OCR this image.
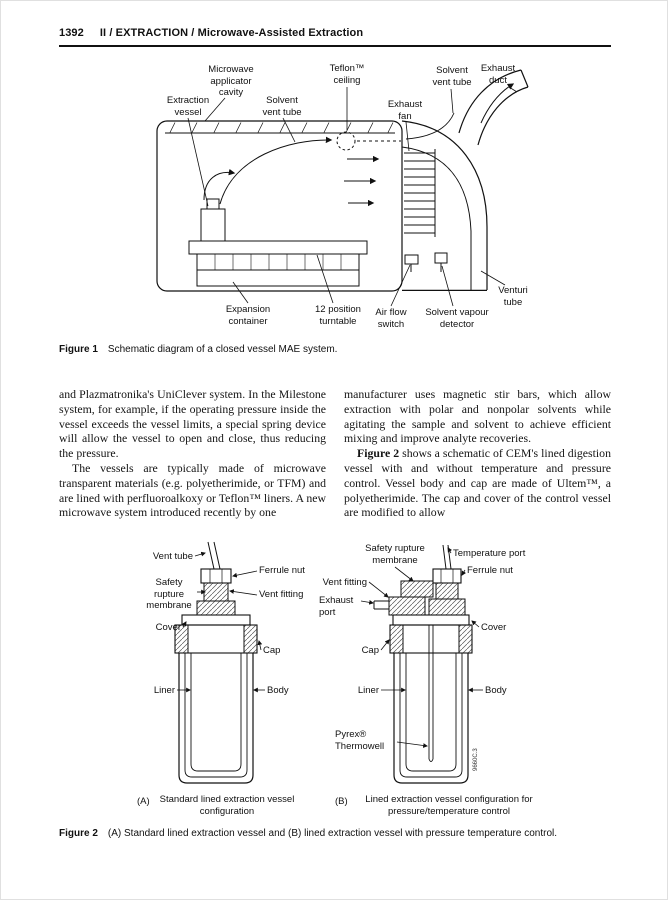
1392 II / EXTRACTION / Microwave-Assisted Extraction
Microwave applicator cavity
Extraction vessel
Solvent vent tube
Teflon™ ceiling
Solvent vent tube
Exhaust duct
Exhaust fan
Expansion container
12 position turntable
Air flow switch
Solvent vapour detector
Venturi tube
Figure 1 Schematic diagram of a closed vessel MAE system.

and Plazmatronika's UniClever system. In the Milestone system, for example, if the operating pressure inside the vessel exceeds the vessel limits, a special spring device will allow the vessel to open and close, thus reducing the pressure.

The vessels are typically made of microwave transparent materials (e.g. polyetherimide, or TFM) and are lined with perfluoroalkoxy or Teflon™ liners. A new microwave system introduced recently by one

manufacturer uses magnetic stir bars, which allow extraction with polar and nonpolar solvents while agitating the sample and solvent to achieve efficient mixing and improve analyte recoveries.

Figure 2 shows a schematic of CEM's lined digestion vessel with and without temperature and pressure control. Vessel body and cap are made of Ultem™, a polyetherimide. The cap and cover of the control vessel are modified to allow

9660C.3
Vent tube
Ferrule nut
Safety rupture membrane
Vent fitting
Cover
Cap
Liner	Body
Safety rupture membrane
Temperature port
Ferrule nut
Vent fitting
Exhaust port
Cover
Cap
Liner	Body
Pyrex® Thermowell
(A) Standard lined extraction vessel configuration
(B)	Lined extraction vessel configuration for pressure/temperature control
Figure 2 (A) Standard lined extraction vessel and (B) lined extraction vessel with pressure temperature control.
